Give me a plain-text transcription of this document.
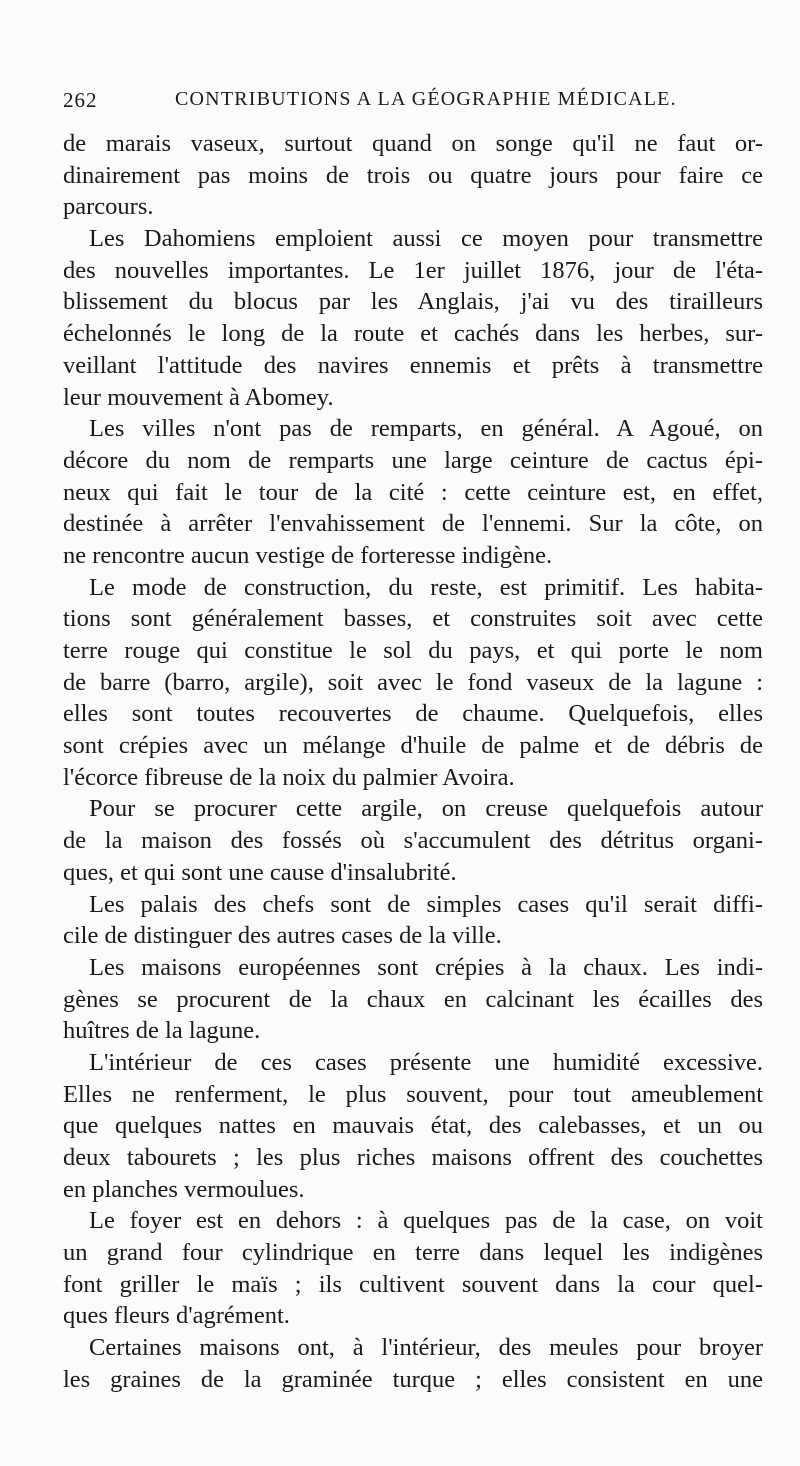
262	CONTRIBUTIONS A LA GÉOGRAPHIE MÉDICALE.
de marais vaseux, surtout quand on songe qu'il ne faut or-
dinairement pas moins de trois ou quatre jours pour faire ce
parcours.
Les Dahomiens emploient aussi ce moyen pour transmettre
des nouvelles importantes. Le 1er juillet 1876, jour de l'éta-
blissement du blocus par les Anglais, j'ai vu des tirailleurs
échelonnés le long de la route et cachés dans les herbes, sur-
veillant l'attitude des navires ennemis et prêts à transmettre
leur mouvement à Abomey.
Les villes n'ont pas de remparts, en général. A Agoué, on
décore du nom de remparts une large ceinture de cactus épi-
neux qui fait le tour de la cité : cette ceinture est, en effet,
destinée à arrêter l'envahissement de l'ennemi. Sur la côte, on
ne rencontre aucun vestige de forteresse indigène.
Le mode de construction, du reste, est primitif. Les habita-
tions sont généralement basses, et construites soit avec cette
terre rouge qui constitue le sol du pays, et qui porte le nom
de barre (barro, argile), soit avec le fond vaseux de la lagune :
elles sont toutes recouvertes de chaume. Quelquefois, elles
sont crépies avec un mélange d'huile de palme et de débris de
l'écorce fibreuse de la noix du palmier Avoira.
Pour se procurer cette argile, on creuse quelquefois autour
de la maison des fossés où s'accumulent des détritus organi-
ques, et qui sont une cause d'insalubrité.
Les palais des chefs sont de simples cases qu'il serait diffi-
cile de distinguer des autres cases de la ville.
Les maisons européennes sont crépies à la chaux. Les indi-
gènes se procurent de la chaux en calcinant les écailles des
huîtres de la lagune.
L'intérieur de ces cases présente une humidité excessive.
Elles ne renferment, le plus souvent, pour tout ameublement
que quelques nattes en mauvais état, des calebasses, et un ou
deux tabourets ; les plus riches maisons offrent des couchettes
en planches vermoulues.
Le foyer est en dehors : à quelques pas de la case, on voit
un grand four cylindrique en terre dans lequel les indigènes
font griller le maïs ; ils cultivent souvent dans la cour quel-
ques fleurs d'agrément.
Certaines maisons ont, à l'intérieur, des meules pour broyer
les graines de la graminée turque ; elles consistent en une
